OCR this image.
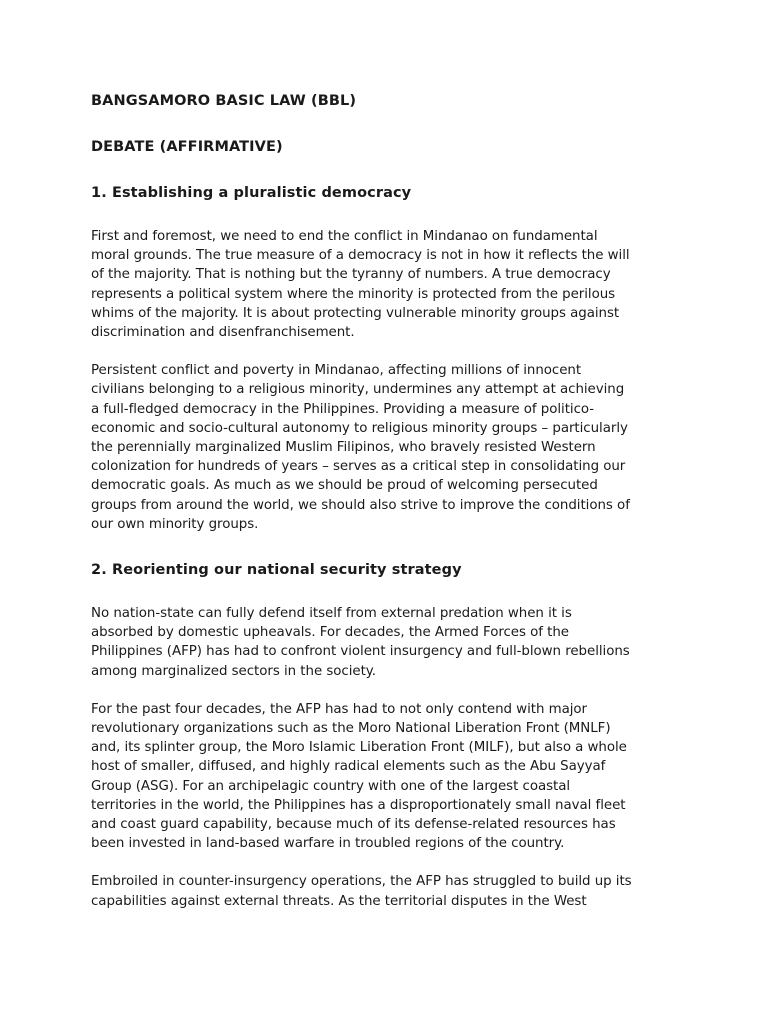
BANGSAMORO BASIC LAW (BBL)
DEBATE (AFFIRMATIVE)
1. Establishing a pluralistic democracy

First and foremost, we need to end the conflict in Mindanao on fundamental
moral grounds. The true measure of a democracy is not in how it reflects the will
of the majority. That is nothing but the tyranny of numbers. A true democracy
represents a political system where the minority is protected from the perilous
whims of the majority. It is about protecting vulnerable minority groups against
discrimination and disenfranchisement.

Persistent conflict and poverty in Mindanao, affecting millions of innocent
civilians belonging to a religious minority, undermines any attempt at achieving
a full-fledged democracy in the Philippines. Providing a measure of politico-
economic and socio-cultural autonomy to religious minority groups – particularly
the perennially marginalized Muslim Filipinos, who bravely resisted Western
colonization for hundreds of years – serves as a critical step in consolidating our
democratic goals. As much as we should be proud of welcoming persecuted
groups from around the world, we should also strive to improve the conditions of
our own minority groups.

2. Reorienting our national security strategy

No nation-state can fully defend itself from external predation when it is
absorbed by domestic upheavals. For decades, the Armed Forces of the
Philippines (AFP) has had to confront violent insurgency and full-blown rebellions
among marginalized sectors in the society.

For the past four decades, the AFP has had to not only contend with major
revolutionary organizations such as the Moro National Liberation Front (MNLF)
and, its splinter group, the Moro Islamic Liberation Front (MILF), but also a whole
host of smaller, diffused, and highly radical elements such as the Abu Sayyaf
Group (ASG). For an archipelagic country with one of the largest coastal
territories in the world, the Philippines has a disproportionately small naval fleet
and coast guard capability, because much of its defense-related resources has
been invested in land-based warfare in troubled regions of the country.

Embroiled in counter-insurgency operations, the AFP has struggled to build up its
capabilities against external threats. As the territorial disputes in the West
